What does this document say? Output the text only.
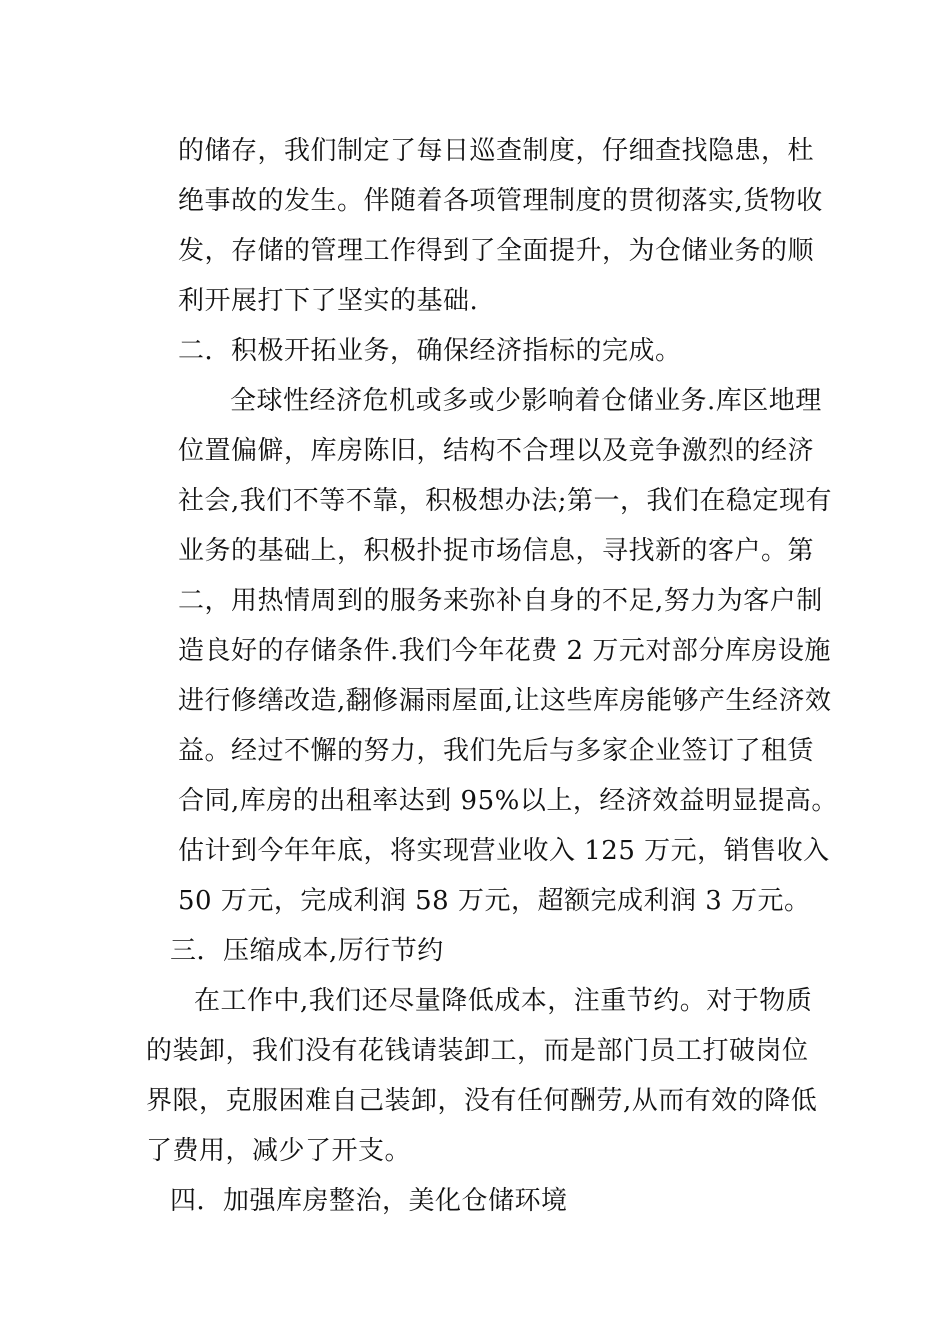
的储存，我们制定了每日巡查制度，仔细查找隐患，杜
绝事故的发生。伴随着各项管理制度的贯彻落实,货物收
发，存储的管理工作得到了全面提升，为仓储业务的顺
利开展打下了坚实的基础.
二．积极开拓业务，确保经济指标的完成。
全球性经济危机或多或少影响着仓储业务.库区地理
位置偏僻，库房陈旧，结构不合理以及竞争激烈的经济
社会,我们不等不靠，积极想办法;第一，我们在稳定现有
业务的基础上，积极扑捉市场信息，寻找新的客户。第
二，用热情周到的服务来弥补自身的不足,努力为客户制
造良好的存储条件.我们今年花费 2 万元对部分库房设施
进行修缮改造,翻修漏雨屋面,让这些库房能够产生经济效
益。经过不懈的努力，我们先后与多家企业签订了租赁
合同,库房的出租率达到 95%以上，经济效益明显提高。
估计到今年年底，将实现营业收入 125 万元，销售收入
50 万元，完成利润 58 万元，超额完成利润 3 万元。
三．压缩成本,厉行节约
在工作中,我们还尽量降低成本，注重节约。对于物质
的装卸，我们没有花钱请装卸工，而是部门员工打破岗位
界限，克服困难自己装卸，没有任何酬劳,从而有效的降低
了费用，减少了开支。
四．加强库房整治，美化仓储环境
